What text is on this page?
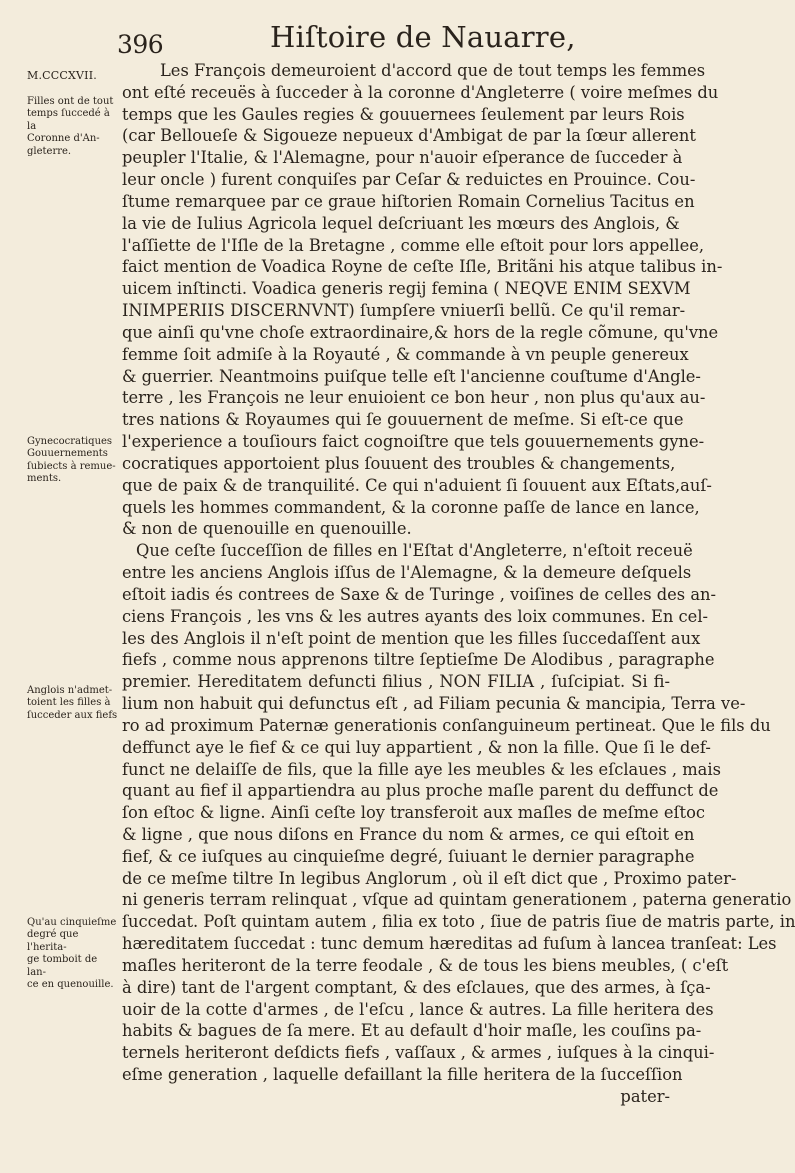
396	Hiſtoire de Nauarre,
M.CCCXVII.
Filles ont de tout
temps ſuccedé à la
Coronne d'An-
gleterre.
Gynecocratiques
Gouuernements
ſubiects à remue-
ments.
Anglois n'admet-
toient les filles à
ſucceder aux fiefs
Qu'au cinquieſme
degré que l'herita-
ge tomboit de lan-
ce en quenouille.
Les François demeuroient d'accord que de tout temps les femmes
ont eſté receuës à ſucceder à la coronne d'Angleterre ( voire meſmes du
temps que les Gaules regies & gouuernees ſeulement par leurs Rois
(car Belloueſe & Sigoueze nepueux d'Ambigat de par la ſœur allerent
peupler l'Italie, & l'Alemagne, pour n'auoir eſperance de ſucceder à
leur oncle ) furent conquiſes par Ceſar & reduictes en Prouince. Cou-
ſtume remarquee par ce graue hiſtorien Romain Cornelius Tacitus en
la vie de Iulius Agricola lequel deſcriuant les mœurs des Anglois, &
l'aſſiette de l'Iſle de la Bretagne , comme elle eſtoit pour lors appellee,
faict mention de Voadica Royne de ceſte Iſle, Britãni his atque talibus in-
uicem inſtincti. Voadica generis regij femina ( NEQVE ENIM SEXVM
INIMPERIIS DISCERNVNT) ſumpſere vniuerſi bellũ. Ce qu'il remar-
que ainſi qu'vne choſe extraordinaire,& hors de la regle cõmune, qu'vne
femme ſoit admiſe à la Royauté , & commande à vn peuple genereux
& guerrier. Neantmoins puiſque telle eſt l'ancienne couſtume d'Angle-
terre , les François ne leur enuioient ce bon heur , non plus qu'aux au-
tres nations & Royaumes qui ſe gouuernent de meſme. Si eſt-ce que
l'experience a touſiours faict cognoiſtre que tels gouuernements gyne-
cocratiques apportoient plus ſouuent des troubles & changements,
que de paix & de tranquilité. Ce qui n'aduient ſi ſouuent aux Eſtats,auſ-
quels les hommes commandent, & la coronne paſſe de lance en lance,
& non de quenouille en quenouille.
Que ceſte ſucceſſion de filles en l'Eſtat d'Angleterre, n'eſtoit receuë
entre les anciens Anglois iſſus de l'Alemagne, & la demeure deſquels
eſtoit iadis és contrees de Saxe & de Turinge , voiſines de celles des an-
ciens François , les vns & les autres ayants des loix communes. En cel-
les des Anglois il n'eſt point de mention que les filles ſuccedaſſent aux
fiefs , comme nous apprenons tiltre ſeptieſme De Alodibus , paragraphe
premier. Hereditatem defuncti filius , NON FILIA , ſuſcipiat. Si fi-
lium non habuit qui defunctus eſt , ad Filiam pecunia & mancipia, Terra ve-
ro ad proximum Paternæ generationis conſanguineum pertineat. Que le fils du
deffunct aye le fief & ce qui luy appartient , & non la fille. Que ſi le def-
funct ne delaiſſe de fils, que la fille aye les meubles & les eſclaues , mais
quant au fief il appartiendra au plus proche maſle parent du deffunct de
ſon eſtoc & ligne. Ainſi ceſte loy transferoit aux maſles de meſme eſtoc
& ligne , que nous diſons en France du nom & armes, ce qui eſtoit en
fief, & ce iuſques au cinquieſme degré, ſuiuant le dernier paragraphe
de ce meſme tiltre In legibus Anglorum , où il eſt dict que , Proximo pater-
ni generis terram relinquat , vſque ad quintam generationem , paterna generatio
ſuccedat. Poſt quintam autem , filia ex toto , ſiue de patris ſiue de matris parte, in
hæreditatem ſuccedat : tunc demum hæreditas ad fuſum à lancea tranſeat: Les
maſles heriteront de la terre feodale , & de tous les biens meubles, ( c'eſt
à dire) tant de l'argent comptant, & des eſclaues, que des armes, à ſça-
uoir de la cotte d'armes , de l'eſcu , lance & autres. La fille heritera des
habits & bagues de ſa mere. Et au default d'hoir maſle, les couſins pa-
ternels heriteront deſdicts fiefs , vaſſaux , & armes , iuſques à la cinqui-
eſme generation , laquelle defaillant la fille heritera de la ſucceſſion
pater-
